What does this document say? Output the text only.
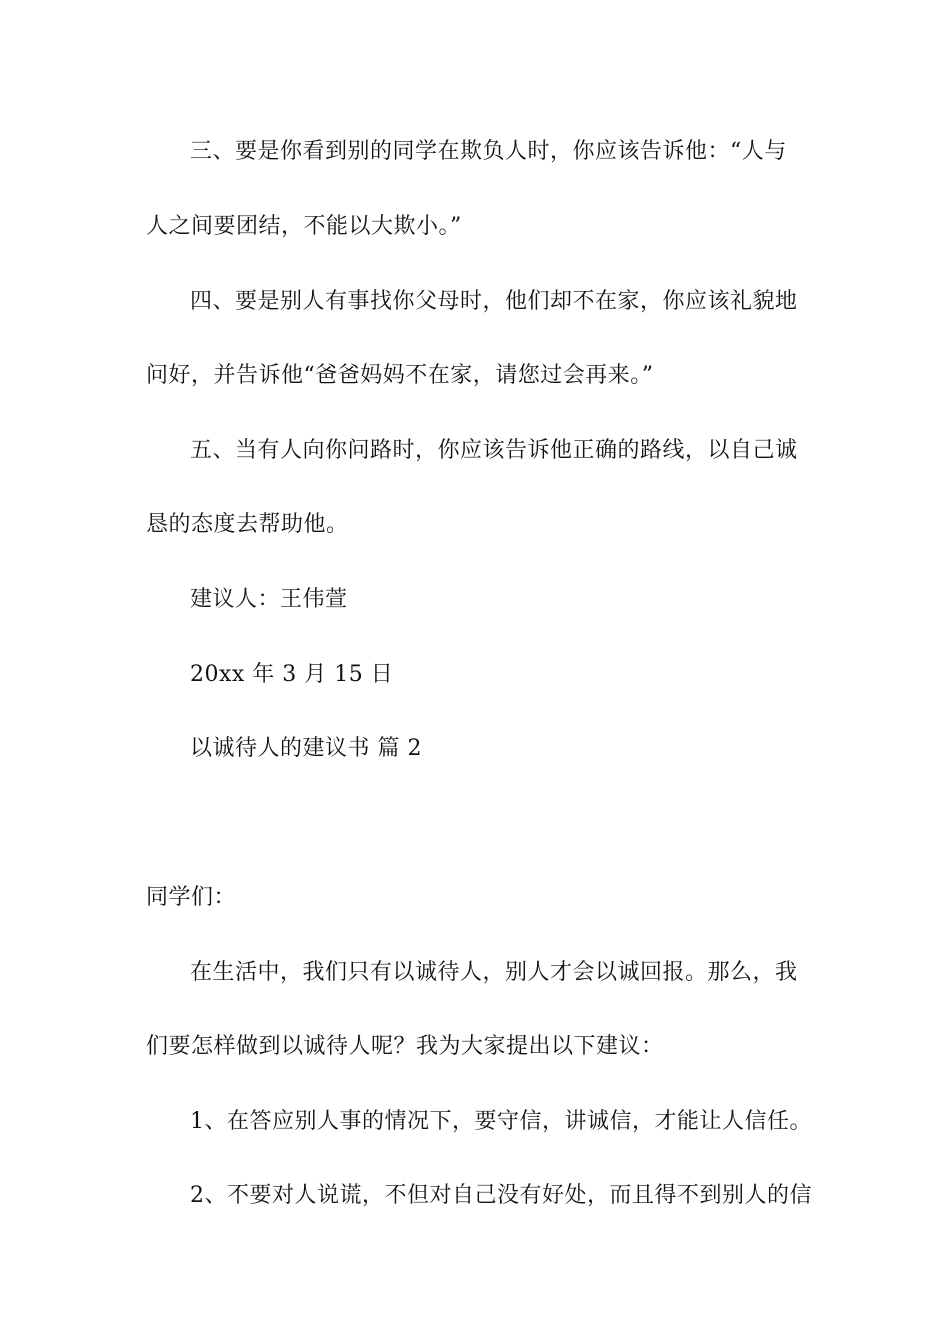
三、要是你看到别的同学在欺负人时，你应该告诉他：“人与
人之间要团结，不能以大欺小。”
四、要是别人有事找你父母时，他们却不在家，你应该礼貌地
问好，并告诉他“爸爸妈妈不在家，请您过会再来。”
五、当有人向你问路时，你应该告诉他正确的路线，以自己诚
恳的态度去帮助他。
建议人：王伟萱
20xx 年 3 月 15 日
以诚待人的建议书 篇 2
同学们：
在生活中，我们只有以诚待人，别人才会以诚回报。那么，我
们要怎样做到以诚待人呢？我为大家提出以下建议：
1、在答应别人事的情况下，要守信，讲诚信，才能让人信任。
2、不要对人说谎，不但对自己没有好处，而且得不到别人的信
